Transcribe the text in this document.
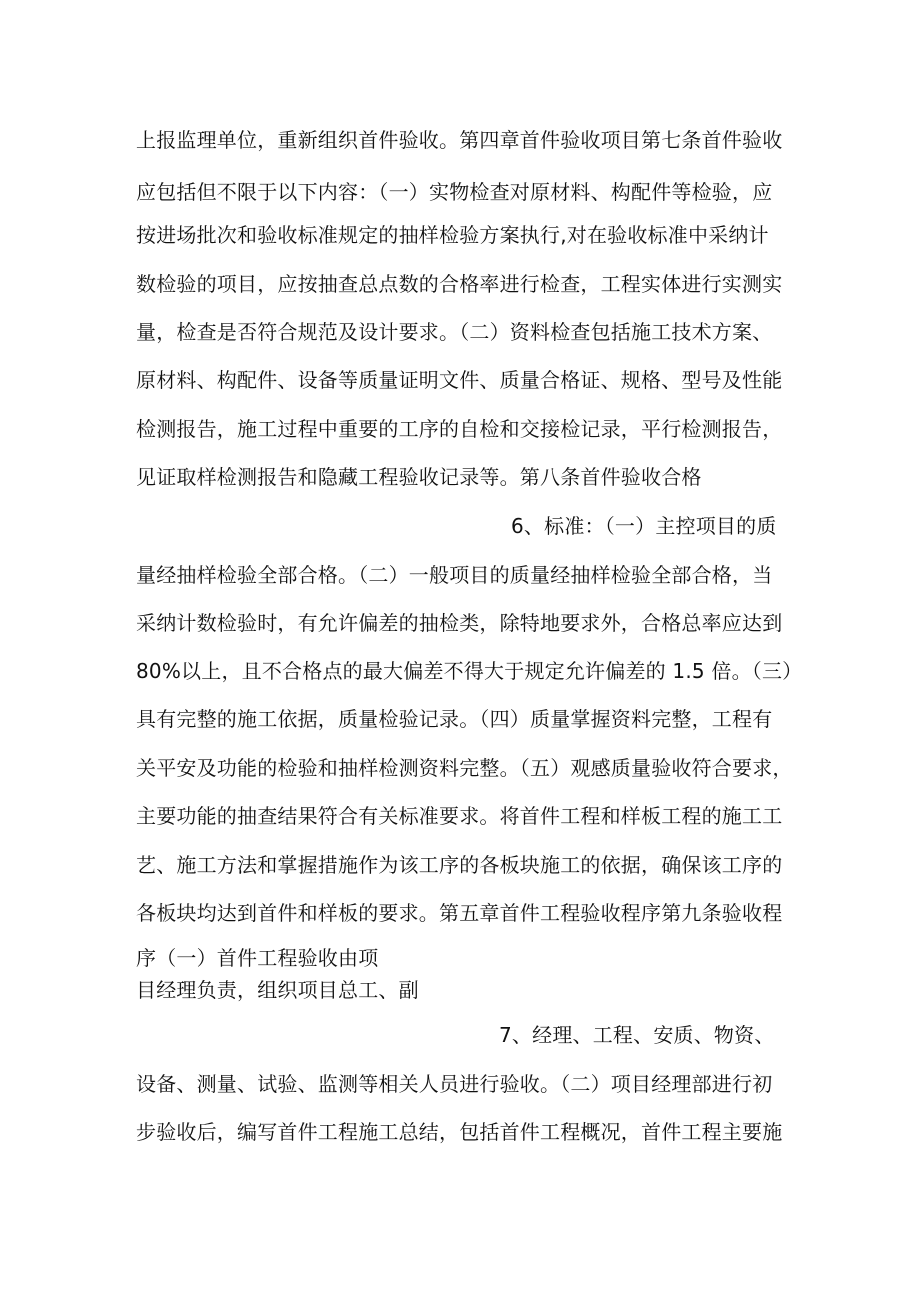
上报监理单位，重新组织首件验收。第四章首件验收项目第七条首件验收
应包括但不限于以下内容：（一）实物检查对原材料、构配件等检验，应
按进场批次和验收标准规定的抽样检验方案执行,对在验收标准中采纳计
数检验的项目，应按抽查总点数的合格率进行检查，工程实体进行实测实
量，检查是否符合规范及设计要求。（二）资料检查包括施工技术方案、
原材料、构配件、设备等质量证明文件、质量合格证、规格、型号及性能
检测报告，施工过程中重要的工序的自检和交接检记录，平行检测报告，
见证取样检测报告和隐藏工程验收记录等。第八条首件验收合格
6、标准：（一）主控项目的质
量经抽样检验全部合格。（二）一般项目的质量经抽样检验全部合格，当
采纳计数检验时，有允许偏差的抽检类，除特地要求外，合格总率应达到
80%以上，且不合格点的最大偏差不得大于规定允许偏差的 1.5 倍。（三）
具有完整的施工依据，质量检验记录。（四）质量掌握资料完整，工程有
关平安及功能的检验和抽样检测资料完整。（五）观感质量验收符合要求，
主要功能的抽查结果符合有关标准要求。将首件工程和样板工程的施工工
艺、施工方法和掌握措施作为该工序的各板块施工的依据，确保该工序的
各板块均达到首件和样板的要求。第五章首件工程验收程序第九条验收程
序（一）首件工程验收由项
目经理负责，组织项目总工、副
7、经理、工程、安质、物资、
设备、测量、试验、监测等相关人员进行验收。（二）项目经理部进行初
步验收后，编写首件工程施工总结，包括首件工程概况，首件工程主要施
